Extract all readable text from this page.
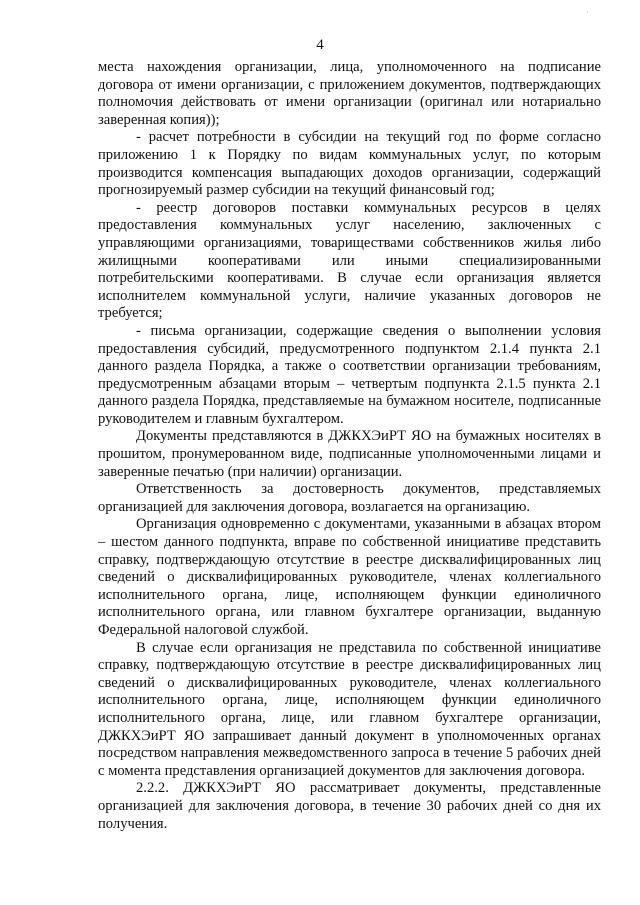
·
4

места нахождения организации, лица, уполномоченного на подписание договора от имени организации, с приложением документов, подтверждающих полномочия действовать от имени организации (оригинал или нотариально заверенная копия));

- расчет потребности в субсидии на текущий год по форме согласно приложению 1 к Порядку по видам коммунальных услуг, по которым производится компенсация выпадающих доходов организации, содержащий прогнозируемый размер субсидии на текущий финансовый год;

- реестр договоров поставки коммунальных ресурсов в целях предоставления коммунальных услуг населению, заключенных с управляющими организациями, товариществами собственников жилья либо жилищными кооперативами или иными специализированными потребительскими кооперативами. В случае если организация является исполнителем коммунальной услуги, наличие указанных договоров не требуется;

- письма организации, содержащие сведения о выполнении условия предоставления субсидий, предусмотренного подпунктом 2.1.4 пункта 2.1 данного раздела Порядка, а также о соответствии организации требованиям, предусмотренным абзацами вторым – четвертым подпункта 2.1.5 пункта 2.1 данного раздела Порядка, представляемые на бумажном носителе, подписанные руководителем и главным бухгалтером.

Документы представляются в ДЖКХЭиРТ ЯО на бумажных носителях в прошитом, пронумерованном виде, подписанные уполномоченными лицами и заверенные печатью (при наличии) организации.

Ответственность за достоверность документов, представляемых организацией для заключения договора, возлагается на организацию.

Организация одновременно с документами, указанными в абзацах втором – шестом данного подпункта, вправе по собственной инициативе представить справку, подтверждающую отсутствие в реестре дисквалифицированных лиц сведений о дисквалифицированных руководителе, членах коллегиального исполнительного органа, лице, исполняющем функции единоличного исполнительного органа, или главном бухгалтере организации, выданную Федеральной налоговой службой.

В случае если организация не представила по собственной инициативе справку, подтверждающую отсутствие в реестре дисквалифицированных лиц сведений о дисквалифицированных руководителе, членах коллегиального исполнительного органа, лице, исполняющем функции единоличного исполнительного органа, лице, или главном бухгалтере организации, ДЖКХЭиРТ ЯО запрашивает данный документ в уполномоченных органах посредством направления межведомственного запроса в течение 5 рабочих дней с момента представления организацией документов для заключения договора.

2.2.2. ДЖКХЭиРТ ЯО рассматривает документы, представленные организацией для заключения договора, в течение 30 рабочих дней со дня их получения.
